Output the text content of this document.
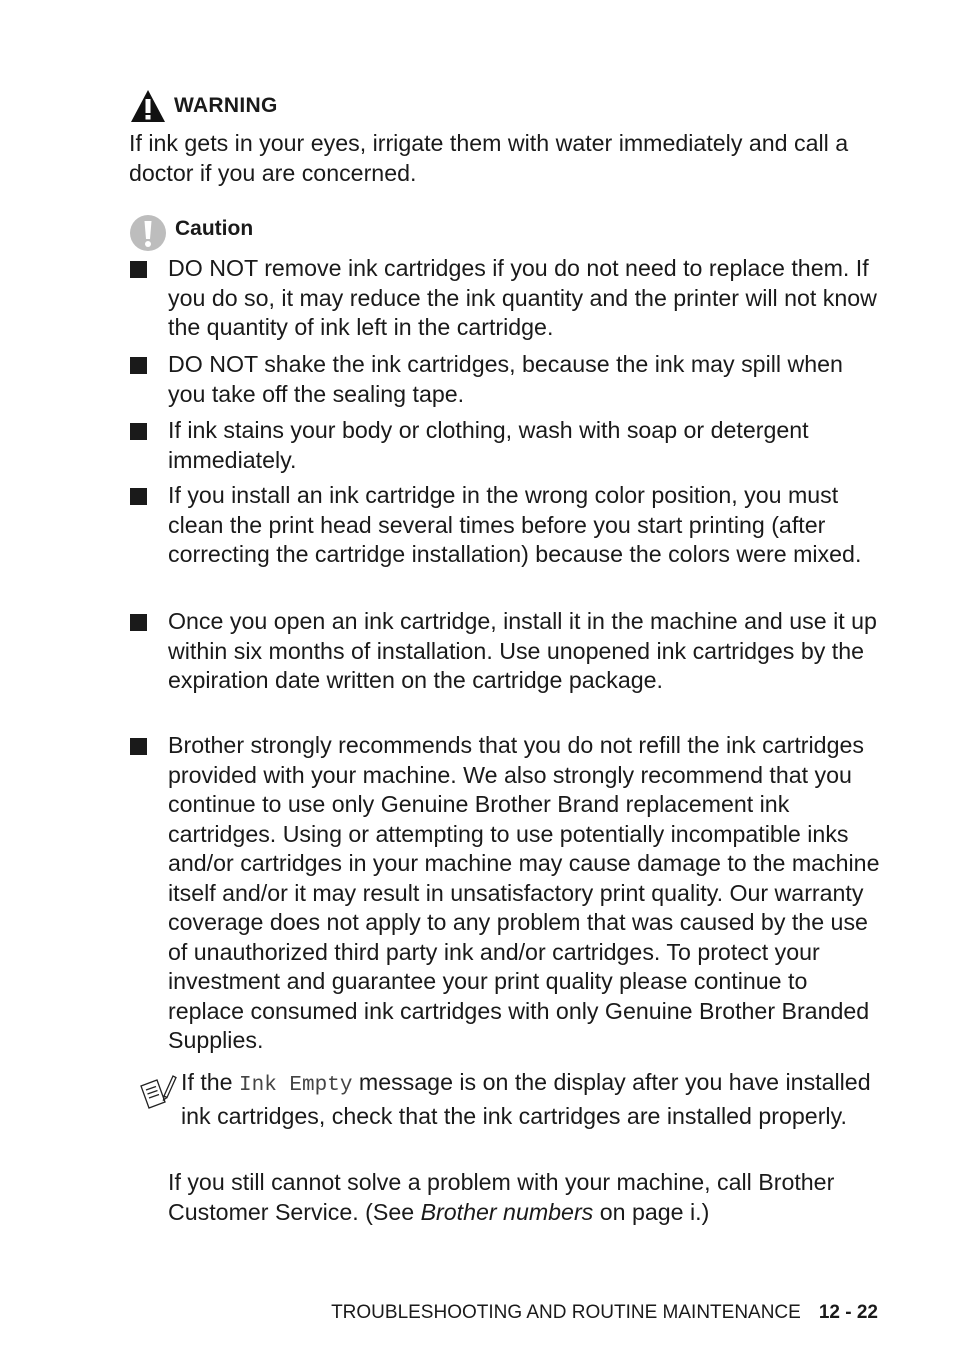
WARNING
If ink gets in your eyes, irrigate them with water immediately and call a doctor if you are concerned.
Caution
DO NOT remove ink cartridges if you do not need to replace them. If you do so, it may reduce the ink quantity and the printer will not know the quantity of ink left in the cartridge.
DO NOT shake the ink cartridges, because the ink may spill when you take off the sealing tape.
If ink stains your body or clothing, wash with soap or detergent immediately.
If you install an ink cartridge in the wrong color position, you must clean the print head several times before you start printing (after correcting the cartridge installation) because the colors were mixed.
Once you open an ink cartridge, install it in the machine and use it up within six months of installation. Use unopened ink cartridges by the expiration date written on the cartridge package.
Brother strongly recommends that you do not refill the ink cartridges provided with your machine. We also strongly recommend that you continue to use only Genuine Brother Brand replacement ink cartridges. Using or attempting to use potentially incompatible inks and/or cartridges in your machine may cause damage to the machine itself and/or it may result in unsatisfactory print quality. Our warranty coverage does not apply to any problem that was caused by the use of unauthorized third party ink and/or cartridges. To protect your investment and guarantee your print quality please continue to replace consumed ink cartridges with only Genuine Brother Branded Supplies.
If the Ink Empty message is on the display after you have installed ink cartridges, check that the ink cartridges are installed properly.
If you still cannot solve a problem with your machine, call Brother Customer Service. (See Brother numbers on page i.)
TROUBLESHOOTING AND ROUTINE MAINTENANCE 12 - 22
